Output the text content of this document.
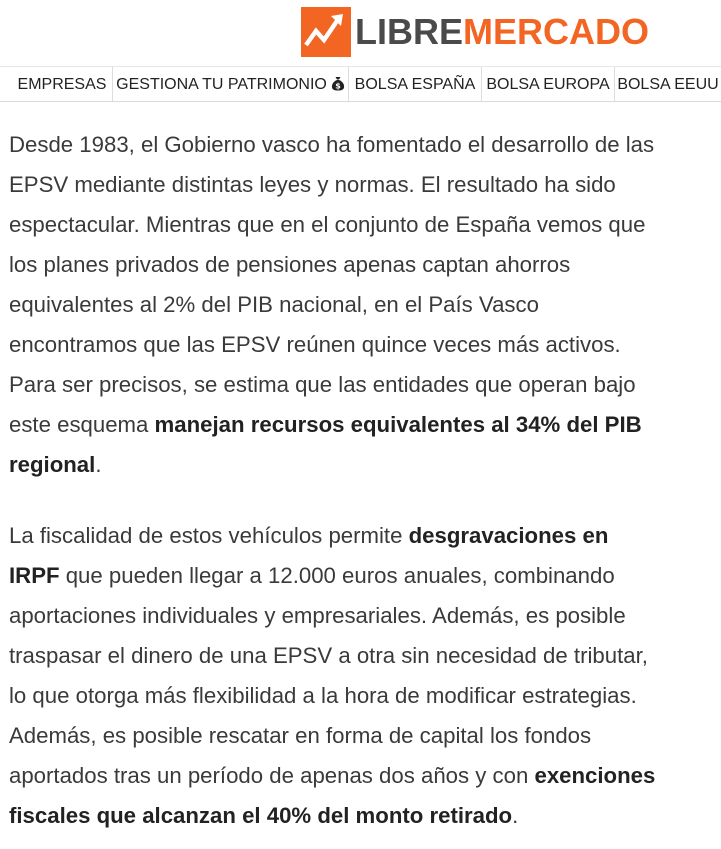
LIBREMERCADO
EMPRESAS GESTIONA TU PATRIMONIO $ BOLSA ESPAÑA BOLSA EUROPA BOLSA EEUU

Desde 1983, el Gobierno vasco ha fomentado el desarrollo de las
EPSV mediante distintas leyes y normas. El resultado ha sido
espectacular. Mientras que en el conjunto de España vemos que
los planes privados de pensiones apenas captan ahorros
equivalentes al 2% del PIB nacional, en el País Vasco
encontramos que las EPSV reúnen quince veces más activos.
Para ser precisos, se estima que las entidades que operan bajo
este esquema manejan recursos equivalentes al 34% del PIB
regional.

La fiscalidad de estos vehículos permite desgravaciones en
IRPF que pueden llegar a 12.000 euros anuales, combinando
aportaciones individuales y empresariales. Además, es posible
traspasar el dinero de una EPSV a otra sin necesidad de tributar,
lo que otorga más flexibilidad a la hora de modificar estrategias.
Además, es posible rescatar en forma de capital los fondos
aportados tras un período de apenas dos años y con exenciones
fiscales que alcanzan el 40% del monto retirado.
